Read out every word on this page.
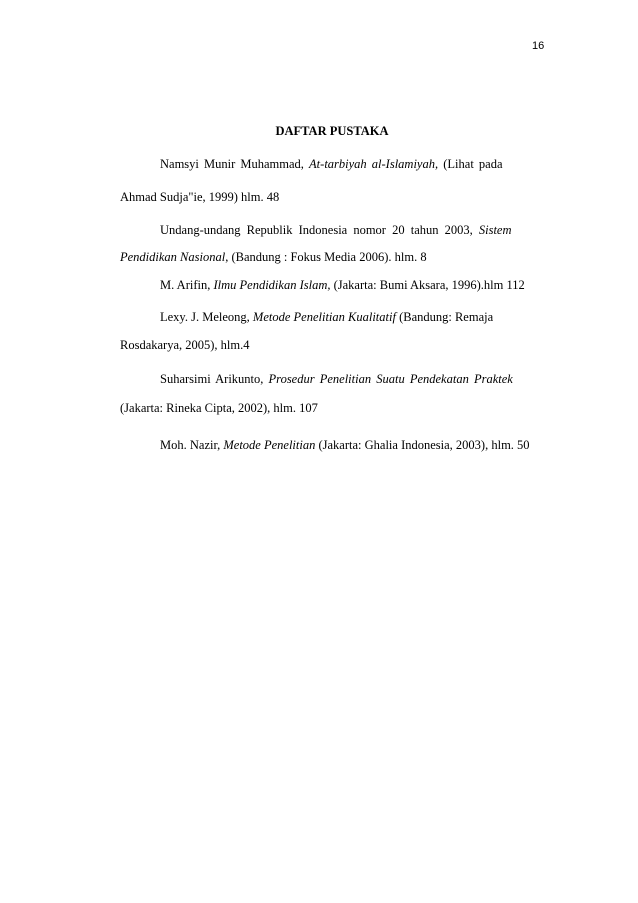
16
DAFTAR PUSTAKA
Namsyi Munir Muhammad, At-tarbiyah al-Islamiyah, (Lihat pada
Ahmad Sudja"ie, 1999) hlm. 48
Undang-undang Republik Indonesia nomor 20 tahun 2003, Sistem
Pendidikan Nasional, (Bandung : Fokus Media 2006). hlm. 8
M. Arifin, Ilmu Pendidikan Islam, (Jakarta: Bumi Aksara, 1996).hlm 112
Lexy. J. Meleong, Metode Penelitian Kualitatif (Bandung: Remaja
Rosdakarya, 2005), hlm.4
Suharsimi Arikunto, Prosedur Penelitian Suatu Pendekatan Praktek
(Jakarta: Rineka Cipta, 2002), hlm. 107
Moh. Nazir, Metode Penelitian (Jakarta: Ghalia Indonesia, 2003), hlm. 50
